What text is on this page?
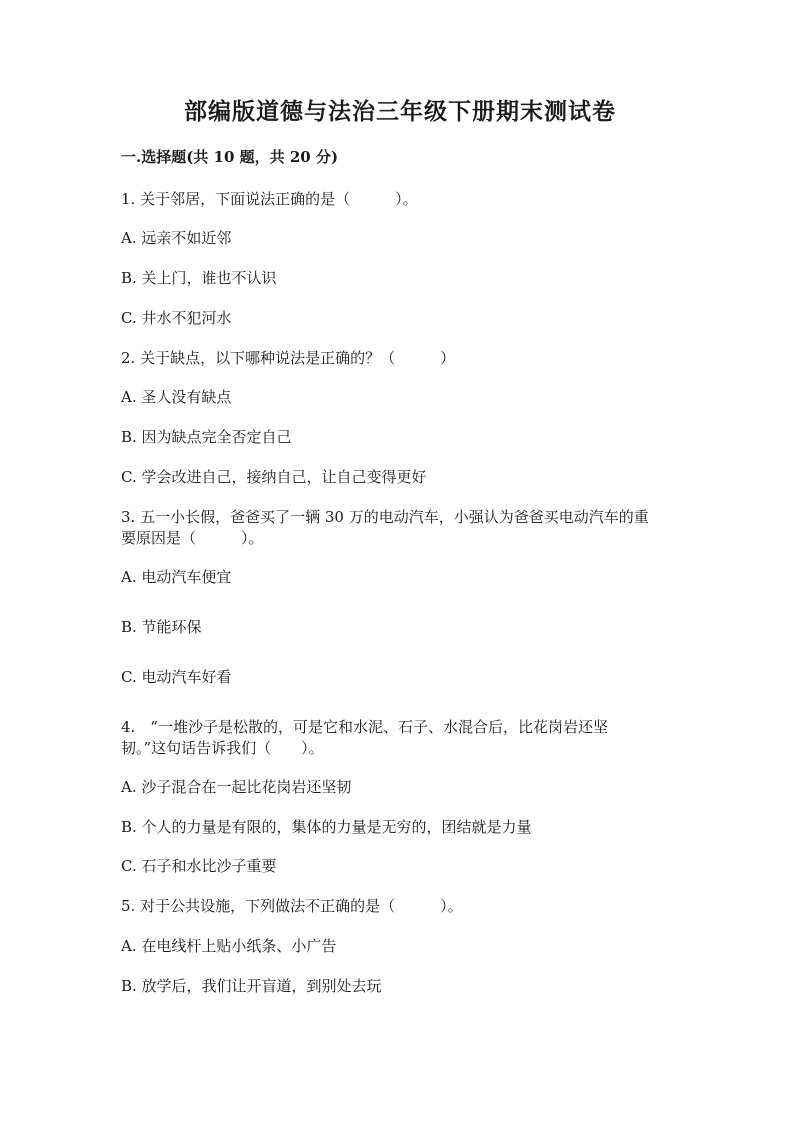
部编版道德与法治三年级下册期末测试卷
一.选择题(共 10 题，共 20 分)
1. 关于邻居，下面说法正确的是（　　　）。
A. 远亲不如近邻
B. 关上门，谁也不认识
C. 井水不犯河水
2. 关于缺点，以下哪种说法是正确的？（　　　）
A. 圣人没有缺点
B. 因为缺点完全否定自己
C. 学会改进自己，接纳自己，让自己变得更好
3. 五一小长假，爸爸买了一辆 30 万的电动汽车，小强认为爸爸买电动汽车的重
要原因是（　　　）。
A. 电动汽车便宜
B. 节能环保
C. 电动汽车好看
4.　“一堆沙子是松散的，可是它和水泥、石子、水混合后，比花岗岩还坚
韧。”这句话告诉我们（　　）。
A. 沙子混合在一起比花岗岩还坚韧
B. 个人的力量是有限的，集体的力量是无穷的，团结就是力量
C. 石子和水比沙子重要
5. 对于公共设施，下列做法不正确的是（　　　）。
A. 在电线杆上贴小纸条、小广告
B. 放学后，我们让开盲道，到别处去玩
